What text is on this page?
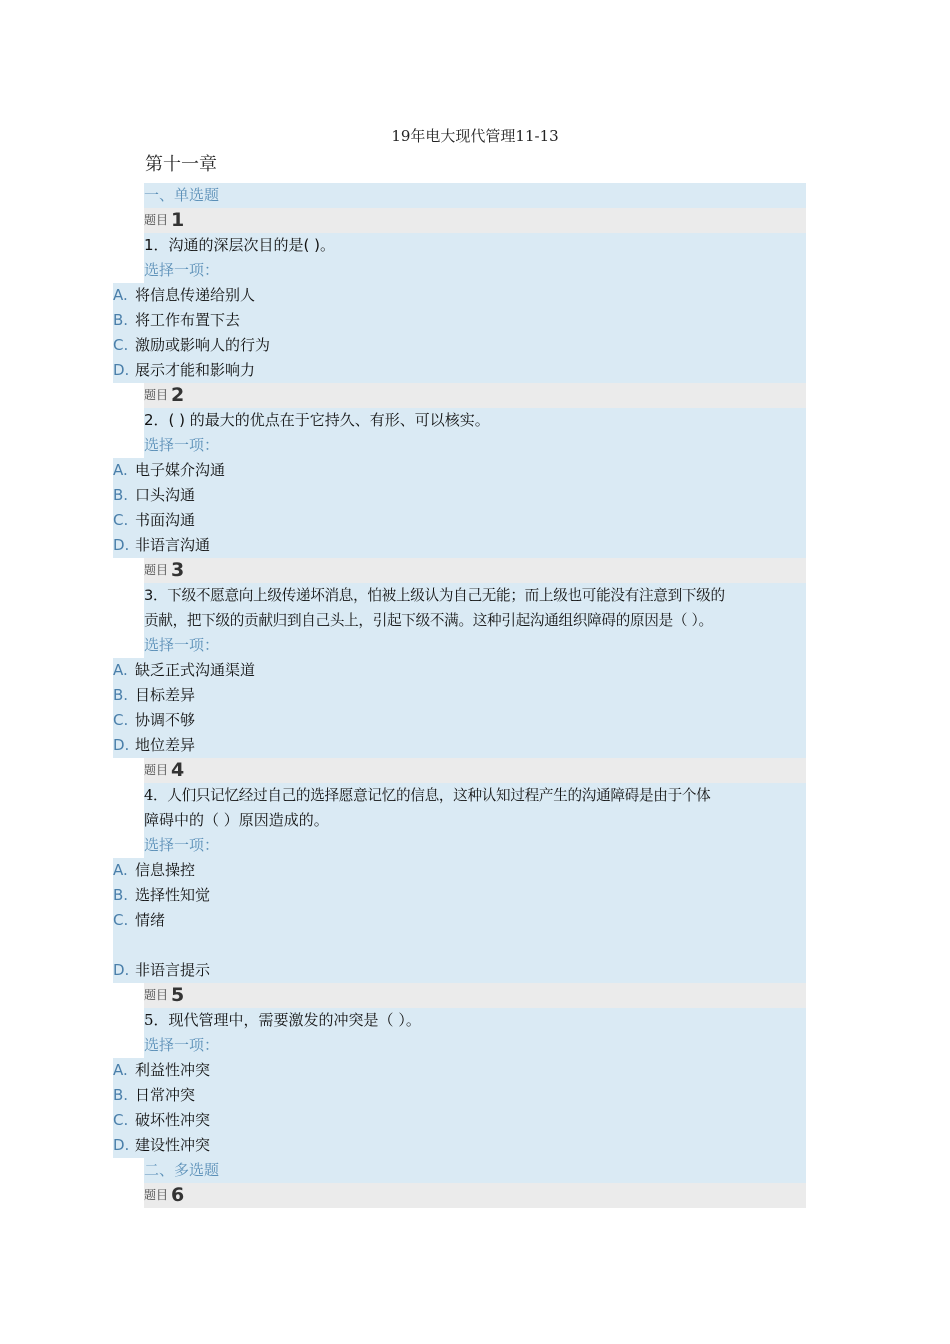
19年电大现代管理11-13
第十一章
一、单选题
题目 1
1．沟通的深层次目的是( )。
选择一项：
A. 将信息传递给别人
B. 将工作布置下去
C. 激励或影响人的行为
D. 展示才能和影响力
题目 2
2．( ) 的最大的优点在于它持久、有形、可以核实。
选择一项：
A. 电子媒介沟通
B. 口头沟通
C. 书面沟通
D. 非语言沟通
题目 3
3．下级不愿意向上级传递坏消息，怕被上级认为自己无能；而上级也可能没有注意到下级的
贡献，把下级的贡献归到自己头上，引起下级不满。这种引起沟通组织障碍的原因是（ ）。
选择一项：
A. 缺乏正式沟通渠道
B. 目标差异
C. 协调不够
D. 地位差异
题目 4
4．人们只记忆经过自己的选择愿意记忆的信息，这种认知过程产生的沟通障碍是由于个体
障碍中的（ ）原因造成的。
选择一项：
A. 信息操控
B. 选择性知觉
C. 情绪
D. 非语言提示
题目 5
5．现代管理中，需要激发的冲突是（ ）。
选择一项：
A. 利益性冲突
B. 日常冲突
C. 破坏性冲突
D. 建设性冲突
二、多选题
题目 6
